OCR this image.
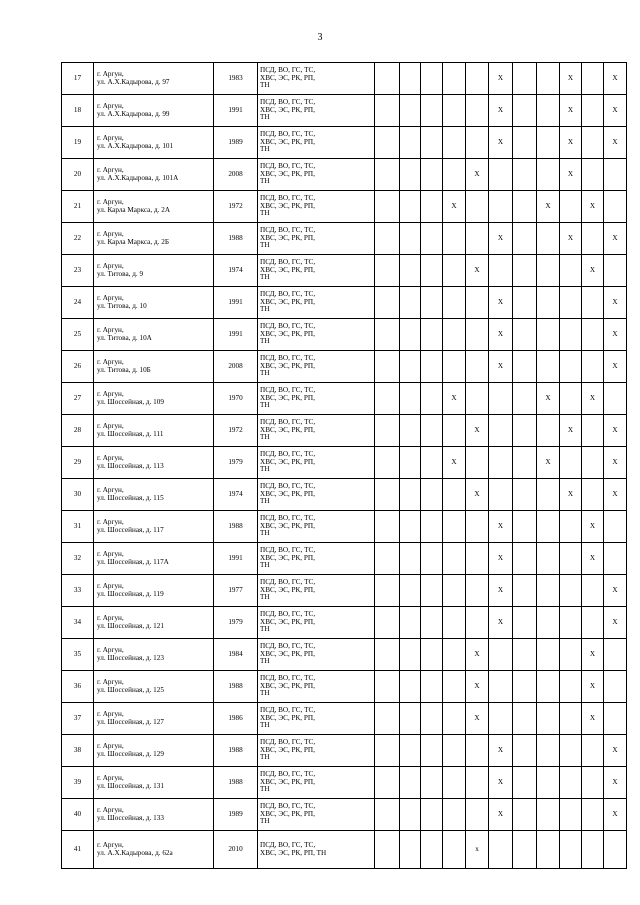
3
17	г. Аргун,
ул. А.Х.Кадырова, д. 97	1983	ПСД, ВО, ГС, ТС,
ХВС, ЭС, РК, РП,
ТН						X			X		X
18	г. Аргун,
ул. А.Х.Кадырова, д. 99	1991	ПСД, ВО, ГС, ТС,
ХВС, ЭС, РК, РП,
ТН						X			X		X
19	г. Аргун,
ул. А.Х.Кадырова, д. 101	1989	ПСД, ВО, ГС, ТС,
ХВС, ЭС, РК, РП,
ТН						X			X		X
20	г. Аргун,
ул. А.Х.Кадырова, д. 101А	2008	ПСД, ВО, ГС, ТС,
ХВС, ЭС, РК, РП,
ТН					X				X		
21	г. Аргун,
ул. Карла Маркса, д. 2А	1972	ПСД, ВО, ГС, ТС,
ХВС, ЭС, РК, РП,
ТН				X				X		X	
22	г. Аргун,
ул. Карла Маркса, д. 2Б	1988	ПСД, ВО, ГС, ТС,
ХВС, ЭС, РК, РП,
ТН						X			X		X
23	г. Аргун,
ул. Титова, д. 9	1974	ПСД, ВО, ГС, ТС,
ХВС, ЭС, РК, РП,
ТН					X					X	
24	г. Аргун,
ул. Титова, д. 10	1991	ПСД, ВО, ГС, ТС,
ХВС, ЭС, РК, РП,
ТН						X					X
25	г. Аргун,
ул. Титова, д. 10А	1991	ПСД, ВО, ГС, ТС,
ХВС, ЭС, РК, РП,
ТН						X					X
26	г. Аргун,
ул. Титова, д. 10Б	2008	ПСД, ВО, ГС, ТС,
ХВС, ЭС, РК, РП,
ТН						X					X
27	г. Аргун,
ул. Шоссейная, д. 109	1970	ПСД, ВО, ГС, ТС,
ХВС, ЭС, РК, РП,
ТН				X				X		X	
28	г. Аргун,
ул. Шоссейная, д. 111	1972	ПСД, ВО, ГС, ТС,
ХВС, ЭС, РК, РП,
ТН					X				X		X
29	г. Аргун,
ул. Шоссейная, д. 113	1979	ПСД, ВО, ГС, ТС,
ХВС, ЭС, РК, РП,
ТН				X				X			X
30	г. Аргун,
ул. Шоссейная, д. 115	1974	ПСД, ВО, ГС, ТС,
ХВС, ЭС, РК, РП,
ТН					X				X		X
31	г. Аргун,
ул. Шоссейная, д. 117	1988	ПСД, ВО, ГС, ТС,
ХВС, ЭС, РК, РП,
ТН						X				X	
32	г. Аргун,
ул. Шоссейная, д. 117А	1991	ПСД, ВО, ГС, ТС,
ХВС, ЭС, РК, РП,
ТН						X				X	
33	г. Аргун,
ул. Шоссейная, д. 119	1977	ПСД, ВО, ГС, ТС,
ХВС, ЭС, РК, РП,
ТН						X					X
34	г. Аргун,
ул. Шоссейная, д. 121	1979	ПСД, ВО, ГС, ТС,
ХВС, ЭС, РК, РП,
ТН						X					X
35	г. Аргун,
ул. Шоссейная, д. 123	1984	ПСД, ВО, ГС, ТС,
ХВС, ЭС, РК, РП,
ТН					X					X	
36	г. Аргун,
ул. Шоссейная, д. 125	1988	ПСД, ВО, ГС, ТС,
ХВС, ЭС, РК, РП,
ТН					X					X	
37	г. Аргун,
ул. Шоссейная, д. 127	1986	ПСД, ВО, ГС, ТС,
ХВС, ЭС, РК, РП,
ТН					X					X	
38	г. Аргун,
ул. Шоссейная, д. 129	1988	ПСД, ВО, ГС, ТС,
ХВС, ЭС, РК, РП,
ТН						X					X
39	г. Аргун,
ул. Шоссейная, д. 131	1988	ПСД, ВО, ГС, ТС,
ХВС, ЭС, РК, РП,
ТН						X					X
40	г. Аргун,
ул. Шоссейная, д. 133	1989	ПСД, ВО, ГС, ТС,
ХВС, ЭС, РК, РП,
ТН						X					X
41	г. Аргун,
ул. А.Х.Кадырова, д. 62а	2010	ПСД, ВО, ГС, ТС,
ХВС, ЭС, РК, РП, ТН					х						
